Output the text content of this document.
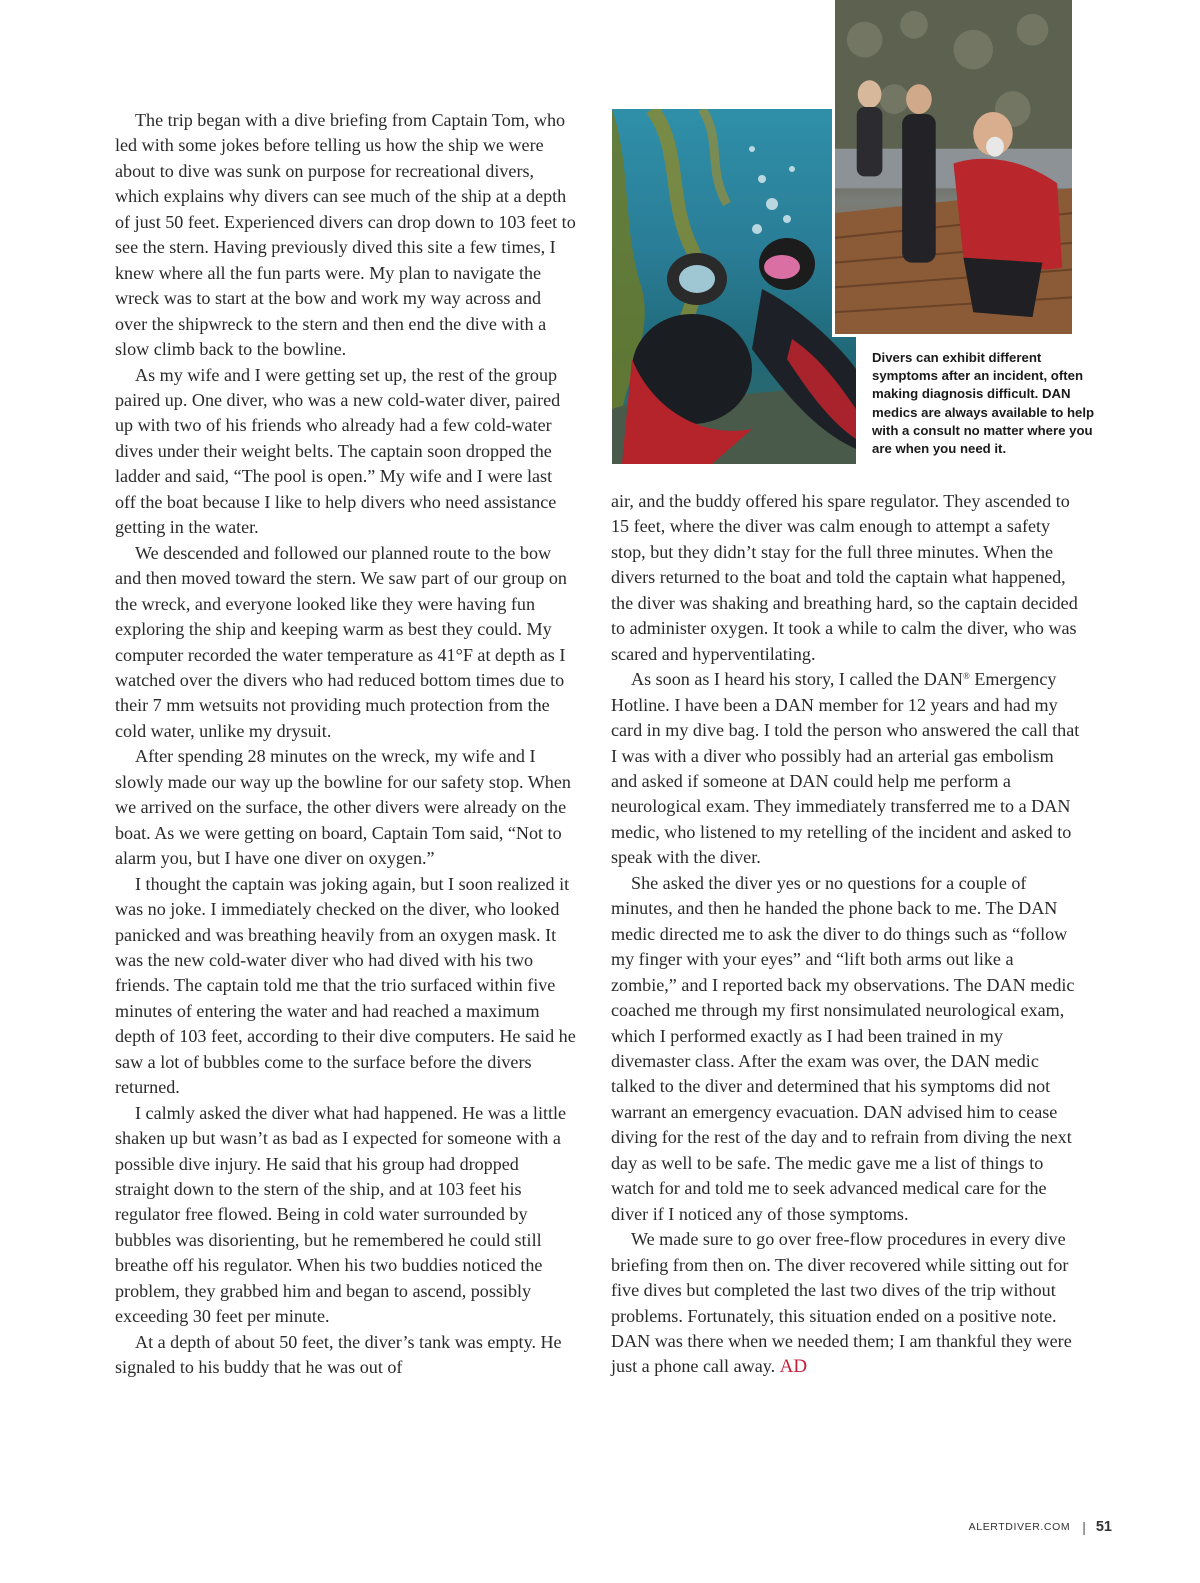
Divers can exhibit different symptoms after an incident, often making diagnosis difficult. DAN medics are always available to help with a consult no matter where you are when you need it.

The trip began with a dive briefing from Captain Tom, who led with some jokes before telling us how the ship we were about to dive was sunk on purpose for recreational divers, which explains why divers can see much of the ship at a depth of just 50 feet. Experienced divers can drop down to 103 feet to see the stern. Having previously dived this site a few times, I knew where all the fun parts were. My plan to navigate the wreck was to start at the bow and work my way across and over the shipwreck to the stern and then end the dive with a slow climb back to the bowline.

As my wife and I were getting set up, the rest of the group paired up. One diver, who was a new cold-water diver, paired up with two of his friends who already had a few cold-water dives under their weight belts. The captain soon dropped the ladder and said, “The pool is open.” My wife and I were last off the boat because I like to help divers who need assistance getting in the water.

We descended and followed our planned route to the bow and then moved toward the stern. We saw part of our group on the wreck, and everyone looked like they were having fun exploring the ship and keeping warm as best they could. My computer recorded the water temperature as 41°F at depth as I watched over the divers who had reduced bottom times due to their 7 mm wetsuits not providing much protection from the cold water, unlike my drysuit.

After spending 28 minutes on the wreck, my wife and I slowly made our way up the bowline for our safety stop. When we arrived on the surface, the other divers were already on the boat. As we were getting on board, Captain Tom said, “Not to alarm you, but I have one diver on oxygen.”

I thought the captain was joking again, but I soon realized it was no joke. I immediately checked on the diver, who looked panicked and was breathing heavily from an oxygen mask. It was the new cold-water diver who had dived with his two friends. The captain told me that the trio surfaced within five minutes of entering the water and had reached a maximum depth of 103 feet, according to their dive computers. He said he saw a lot of bubbles come to the surface before the divers returned.

I calmly asked the diver what had happened. He was a little shaken up but wasn’t as bad as I expected for someone with a possible dive injury. He said that his group had dropped straight down to the stern of the ship, and at 103 feet his regulator free flowed. Being in cold water surrounded by bubbles was disorienting, but he remembered he could still breathe off his regulator. When his two buddies noticed the problem, they grabbed him and began to ascend, possibly exceeding 30 feet per minute.

At a depth of about 50 feet, the diver’s tank was empty. He signaled to his buddy that he was out of

air, and the buddy offered his spare regulator. They ascended to 15 feet, where the diver was calm enough to attempt a safety stop, but they didn’t stay for the full three minutes. When the divers returned to the boat and told the captain what happened, the diver was shaking and breathing hard, so the captain decided to administer oxygen. It took a while to calm the diver, who was scared and hyperventilating.

As soon as I heard his story, I called the DAN® Emergency Hotline. I have been a DAN member for 12 years and had my card in my dive bag. I told the person who answered the call that I was with a diver who possibly had an arterial gas embolism and asked if someone at DAN could help me perform a neurological exam. They immediately transferred me to a DAN medic, who listened to my retelling of the incident and asked to speak with the diver.

She asked the diver yes or no questions for a couple of minutes, and then he handed the phone back to me. The DAN medic directed me to ask the diver to do things such as “follow my finger with your eyes” and “lift both arms out like a zombie,” and I reported back my observations. The DAN medic coached me through my first nonsimulated neurological exam, which I performed exactly as I had been trained in my divemaster class. After the exam was over, the DAN medic talked to the diver and determined that his symptoms did not warrant an emergency evacuation. DAN advised him to cease diving for the rest of the day and to refrain from diving the next day as well to be safe. The medic gave me a list of things to watch for and told me to seek advanced medical care for the diver if I noticed any of those symptoms.

We made sure to go over free-flow procedures in every dive briefing from then on. The diver recovered while sitting out for five dives but completed the last two dives of the trip without problems. Fortunately, this situation ended on a positive note. DAN was there when we needed them; I am thankful they were just a phone call away. AD

ALERTDIVER.COM | 51
